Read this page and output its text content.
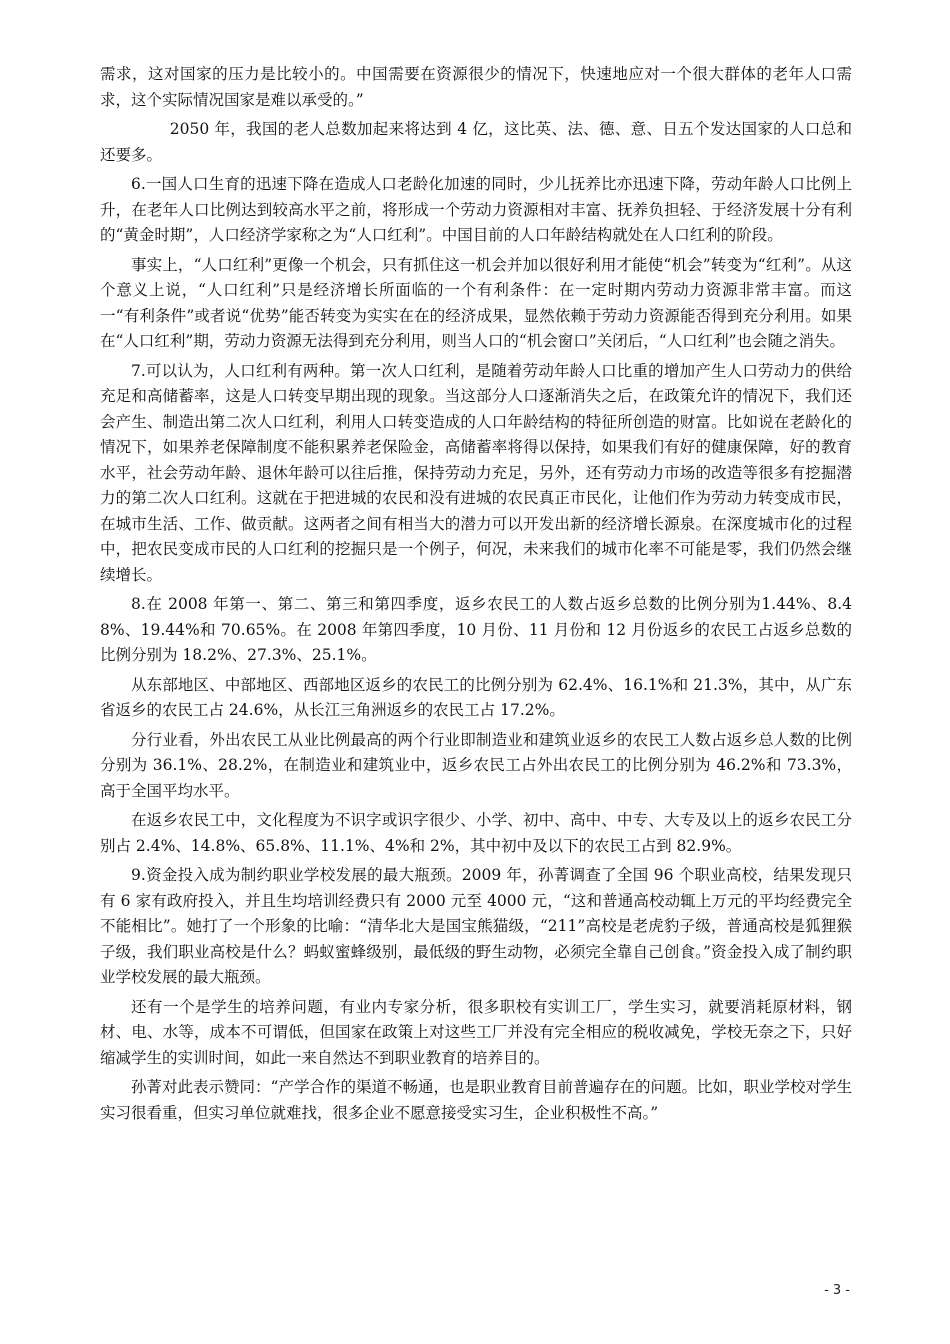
需求，这对国家的压力是比较小的。中国需要在资源很少的情况下，快速地应对一个很大群体的老年人口需求，这个实际情况国家是难以承受的。”

2050 年，我国的老人总数加起来将达到 4 亿，这比英、法、德、意、日五个发达国家的人口总和还要多。

6.一国人口生育的迅速下降在造成人口老龄化加速的同时，少儿抚养比亦迅速下降，劳动年龄人口比例上升，在老年人口比例达到较高水平之前，将形成一个劳动力资源相对丰富、抚养负担轻、于经济发展十分有利的“黄金时期”，人口经济学家称之为“人口红利”。中国目前的人口年龄结构就处在人口红利的阶段。

事实上，“人口红利”更像一个机会，只有抓住这一机会并加以很好利用才能使“机会”转变为“红利”。从这个意义上说，“人口红利”只是经济增长所面临的一个有利条件：在一定时期内劳动力资源非常丰富。而这一“有利条件”或者说“优势”能否转变为实实在在的经济成果，显然依赖于劳动力资源能否得到充分利用。如果在“人口红利”期，劳动力资源无法得到充分利用，则当人口的“机会窗口”关闭后，“人口红利”也会随之消失。

7.可以认为，人口红利有两种。第一次人口红利，是随着劳动年龄人口比重的增加产生人口劳动力的供给充足和高储蓄率，这是人口转变早期出现的现象。当这部分人口逐渐消失之后，在政策允许的情况下，我们还会产生、制造出第二次人口红利，利用人口转变造成的人口年龄结构的特征所创造的财富。比如说在老龄化的情况下，如果养老保障制度不能积累养老保险金，高储蓄率将得以保持，如果我们有好的健康保障，好的教育水平，社会劳动年龄、退休年龄可以往后推，保持劳动力充足，另外，还有劳动力市场的改造等很多有挖掘潜力的第二次人口红利。这就在于把进城的农民和没有进城的农民真正市民化，让他们作为劳动力转变成市民，在城市生活、工作、做贡献。这两者之间有相当大的潜力可以开发出新的经济增长源泉。在深度城市化的过程中，把农民变成市民的人口红利的挖掘只是一个例子，何况，未来我们的城市化率不可能是零，我们仍然会继续增长。

8.在 2008 年第一、第二、第三和第四季度，返乡农民工的人数占返乡总数的比例分别为1.44%、8.48%、19.44%和 70.65%。在 2008 年第四季度，10 月份、11 月份和 12 月份返乡的农民工占返乡总数的比例分别为 18.2%、27.3%、25.1%。

从东部地区、中部地区、西部地区返乡的农民工的比例分别为 62.4%、16.1%和 21.3%，其中，从广东省返乡的农民工占 24.6%，从长江三角洲返乡的农民工占 17.2%。

分行业看，外出农民工从业比例最高的两个行业即制造业和建筑业返乡的农民工人数占返乡总人数的比例分别为 36.1%、28.2%，在制造业和建筑业中，返乡农民工占外出农民工的比例分别为 46.2%和 73.3%，高于全国平均水平。

在返乡农民工中，文化程度为不识字或识字很少、小学、初中、高中、中专、大专及以上的返乡农民工分别占 2.4%、14.8%、65.8%、11.1%、4%和 2%，其中初中及以下的农民工占到 82.9%。

9.资金投入成为制约职业学校发展的最大瓶颈。2009 年，孙菁调查了全国 96 个职业高校，结果发现只有 6 家有政府投入，并且生均培训经费只有 2000 元至 4000 元，“这和普通高校动辄上万元的平均经费完全不能相比”。她打了一个形象的比喻：“清华北大是国宝熊猫级，“211”高校是老虎豹子级，普通高校是狐狸猴子级，我们职业高校是什么？蚂蚁蜜蜂级别，最低级的野生动物，必须完全靠自己创食。”资金投入成了制约职业学校发展的最大瓶颈。

还有一个是学生的培养问题，有业内专家分析，很多职校有实训工厂，学生实习，就要消耗原材料，钢材、电、水等，成本不可谓低，但国家在政策上对这些工厂并没有完全相应的税收减免，学校无奈之下，只好缩减学生的实训时间，如此一来自然达不到职业教育的培养目的。

孙菁对此表示赞同：“产学合作的渠道不畅通，也是职业教育目前普遍存在的问题。比如，职业学校对学生实习很看重，但实习单位就难找，很多企业不愿意接受实习生，企业积极性不高。”

- 3 -
